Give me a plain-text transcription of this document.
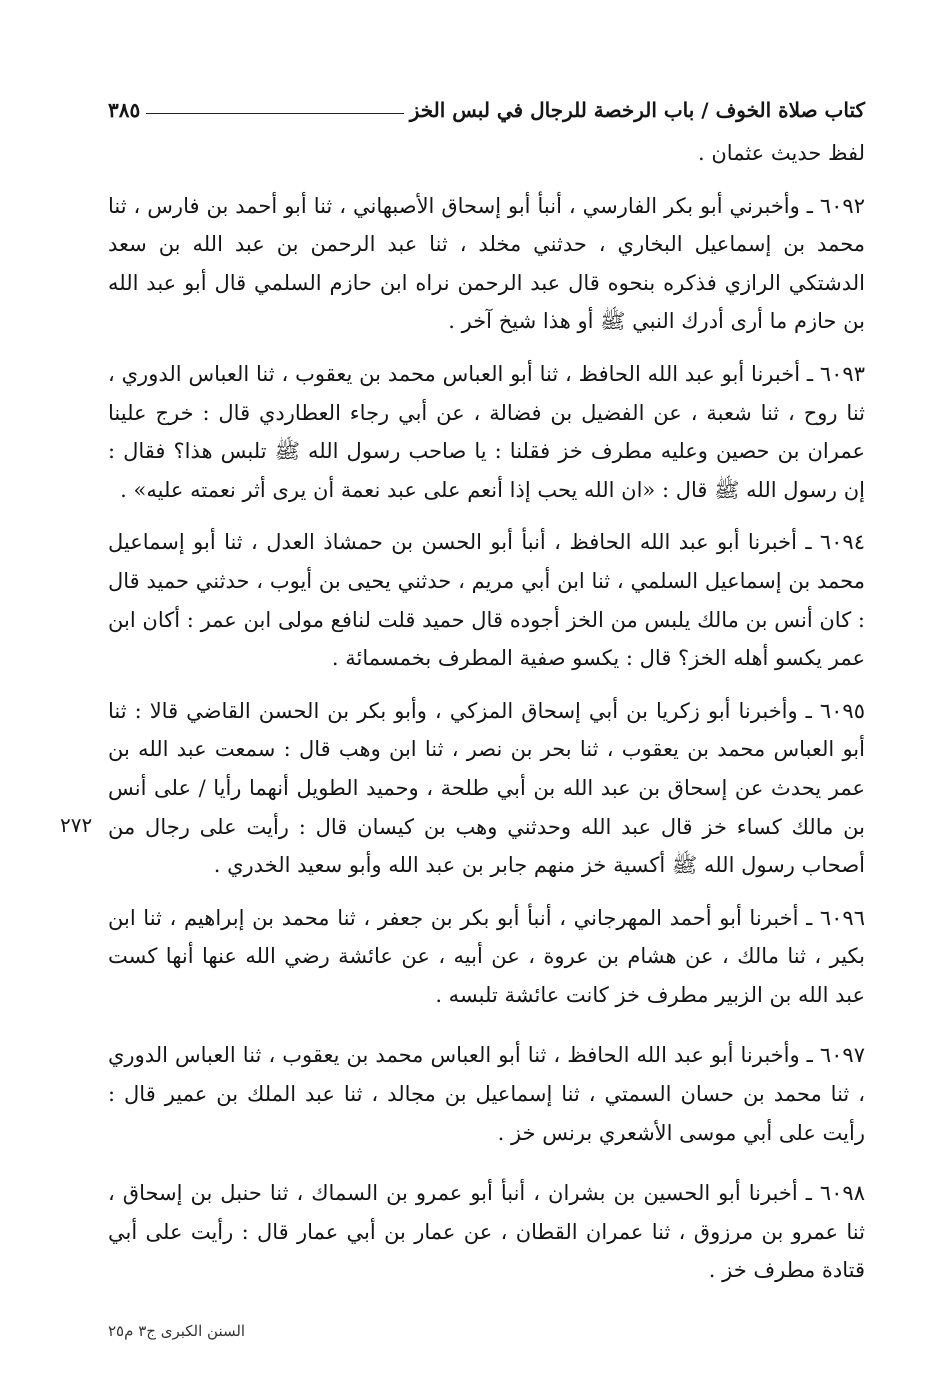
كتاب صلاة الخوف / باب الرخصة للرجال في لبس الخز
٣٨٥

لفظ حديث عثمان .

٦٠٩٢ ـ وأخبرني أبو بكر الفارسي ، أنبأ أبو إسحاق الأصبهاني ، ثنا أبو أحمد بن فارس ، ثنا محمد بن إسماعيل البخاري ، حدثني مخلد ، ثنا عبد الرحمن بن عبد الله بن سعد الدشتكي الرازي فذكره بنحوه قال عبد الرحمن نراه ابن حازم السلمي قال أبو عبد الله بن حازم ما أرى أدرك النبي ﷺ أو هذا شيخ آخر .

٦٠٩٣ ـ أخبرنا أبو عبد الله الحافظ ، ثنا أبو العباس محمد بن يعقوب ، ثنا العباس الدوري ، ثنا روح ، ثنا شعبة ، عن الفضيل بن فضالة ، عن أبي رجاء العطاردي قال : خرج علينا عمران بن حصين وعليه مطرف خز فقلنا : يا صاحب رسول الله ﷺ تلبس هذا؟ فقال : إن رسول الله ﷺ قال : «ان الله يحب إذا أنعم على عبد نعمة أن يرى أثر نعمته عليه» .

٦٠٩٤ ـ أخبرنا أبو عبد الله الحافظ ، أنبأ أبو الحسن بن حمشاذ العدل ، ثنا أبو إسماعيل محمد بن إسماعيل السلمي ، ثنا ابن أبي مريم ، حدثني يحيى بن أيوب ، حدثني حميد قال : كان أنس بن مالك يلبس من الخز أجوده قال حميد قلت لنافع مولى ابن عمر : أكان ابن عمر يكسو أهله الخز؟ قال : يكسو صفية المطرف بخمسمائة .

٦٠٩٥ ـ وأخبرنا أبو زكريا بن أبي إسحاق المزكي ، وأبو بكر بن الحسن القاضي قالا : ثنا أبو العباس محمد بن يعقوب ، ثنا بحر بن نصر ، ثنا ابن وهب قال : سمعت عبد الله بن عمر يحدث عن إسحاق بن عبد الله بن أبي طلحة ، وحميد الطويل أنهما رأيا / على أنس بن مالك كساء خز قال عبد الله وحدثني وهب بن كيسان قال : رأيت على رجال من أصحاب رسول الله ﷺ أكسية خز منهم جابر بن عبد الله وأبو سعيد الخدري .

٦٠٩٦ ـ أخبرنا أبو أحمد المهرجاني ، أنبأ أبو بكر بن جعفر ، ثنا محمد بن إبراهيم ، ثنا ابن بكير ، ثنا مالك ، عن هشام بن عروة ، عن أبيه ، عن عائشة رضي الله عنها أنها كست عبد الله بن الزبير مطرف خز كانت عائشة تلبسه .

٦٠٩٧ ـ وأخبرنا أبو عبد الله الحافظ ، ثنا أبو العباس محمد بن يعقوب ، ثنا العباس الدوري ، ثنا محمد بن حسان السمتي ، ثنا إسماعيل بن مجالد ، ثنا عبد الملك بن عمير قال : رأيت على أبي موسى الأشعري برنس خز .

٦٠٩٨ ـ أخبرنا أبو الحسين بن بشران ، أنبأ أبو عمرو بن السماك ، ثنا حنبل بن إسحاق ، ثنا عمرو بن مرزوق ، ثنا عمران القطان ، عن عمار بن أبي عمار قال : رأيت على أبي قتادة مطرف خز .

٢٧٢
السنن الكبرى ج٣ م٢٥
